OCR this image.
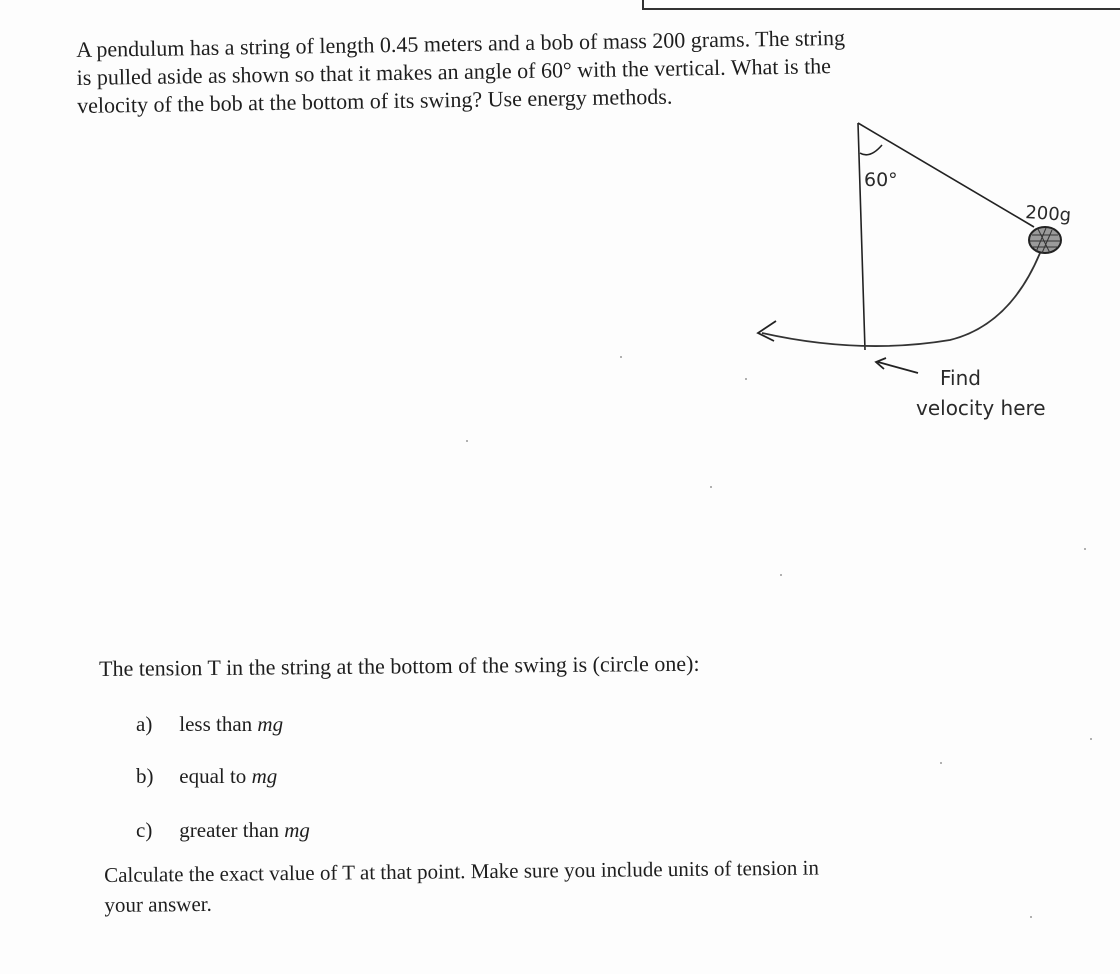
A pendulum has a string of length 0.45 meters and a bob of mass 200 grams. The string

is pulled aside as shown so that it makes an angle of 60° with the vertical. What is the

velocity of the bob at the bottom of its swing? Use energy methods.

60°
200g
Find
velocity here
The tension T in the string at the bottom of the swing is (circle one):
a) less than mg
b) equal to mg
c) greater than mg

Calculate the exact value of T at that point. Make sure you include units of tension in

your answer.
